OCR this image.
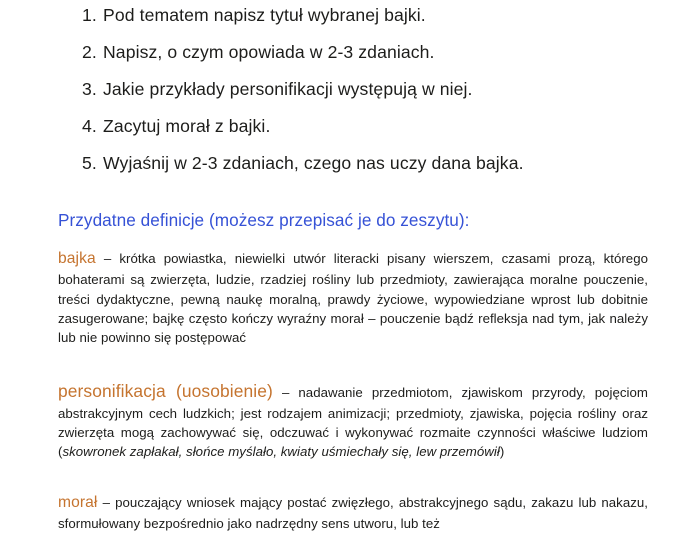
1. Pod tematem napisz tytuł wybranej bajki.
2. Napisz, o czym opowiada w 2-3 zdaniach.
3. Jakie przykłady personifikacji występują w niej.
4. Zacytuj morał z bajki.
5. Wyjaśnij w 2-3 zdaniach, czego nas uczy dana bajka.
Przydatne definicje (możesz przepisać je do zeszytu):

bajka – krótka powiastka, niewielki utwór literacki pisany wierszem, czasami prozą, którego bohaterami są zwierzęta, ludzie, rzadziej rośliny lub przedmioty, zawierająca moralne pouczenie, treści dydaktyczne, pewną naukę moralną, prawdy życiowe, wypowiedziane wprost lub dobitnie zasugerowane; bajkę często kończy wyraźny morał – pouczenie bądź refleksja nad tym, jak należy lub nie powinno się postępować

personifikacja (uosobienie) – nadawanie przedmiotom, zjawiskom przyrody, pojęciom abstrakcyjnym cech ludzkich; jest rodzajem animizacji; przedmioty, zjawiska, pojęcia rośliny oraz zwierzęta mogą zachowywać się, odczuwać i wykonywać rozmaite czynności właściwe ludziom (skowronek zapłakał, słońce myślało, kwiaty uśmiechały się, lew przemówił)

morał – pouczający wniosek mający postać zwięzłego, abstrakcyjnego sądu, zakazu lub nakazu, sformułowany bezpośrednio jako nadrzędny sens utworu, lub też
